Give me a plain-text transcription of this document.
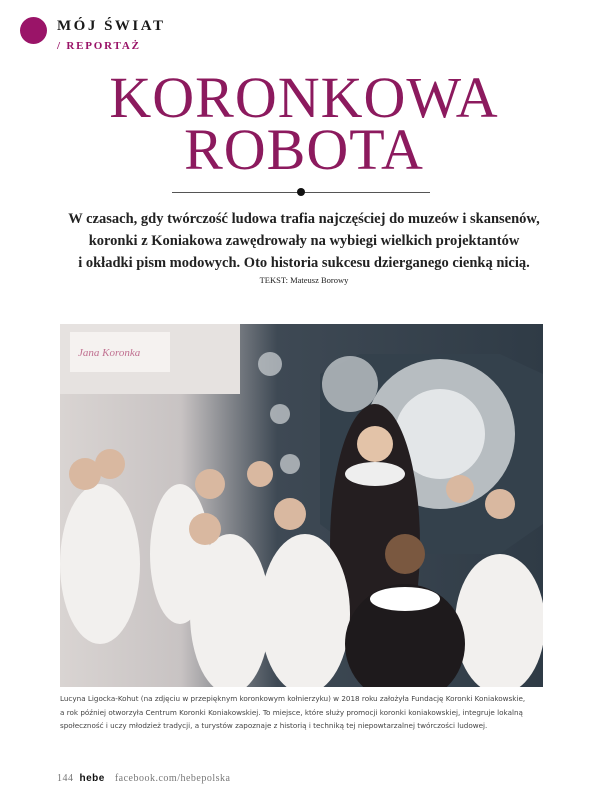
MÓJ ŚWIAT
/ REPORTAŻ
KORONKOWA
ROBOTA
W czasach, gdy twórczość ludowa trafia najczęściej do muzeów i skansenów,
koronki z Koniakowa zawędrowały na wybiegi wielkich projektantów
i okładki pism modowych. Oto historia sukcesu dzierganego cienką nicią.
TEKST: Mateusz Borowy
Jana Koronka
Lucyna Ligocka-Kohut (na zdjęciu w przepięknym koronkowym kołnierzyku) w 2018 roku założyła Fundację Koronki Koniakowskie,
a rok później otworzyła Centrum Koronki Koniakowskiej. To miejsce, które służy promocji koronki koniakowskiej, integruje lokalną
społeczność i uczy młodzież tradycji, a turystów zapoznaje z historią i techniką tej niepowtarzalnej twórczości ludowej.
144 hebe facebook.com/hebepolska
